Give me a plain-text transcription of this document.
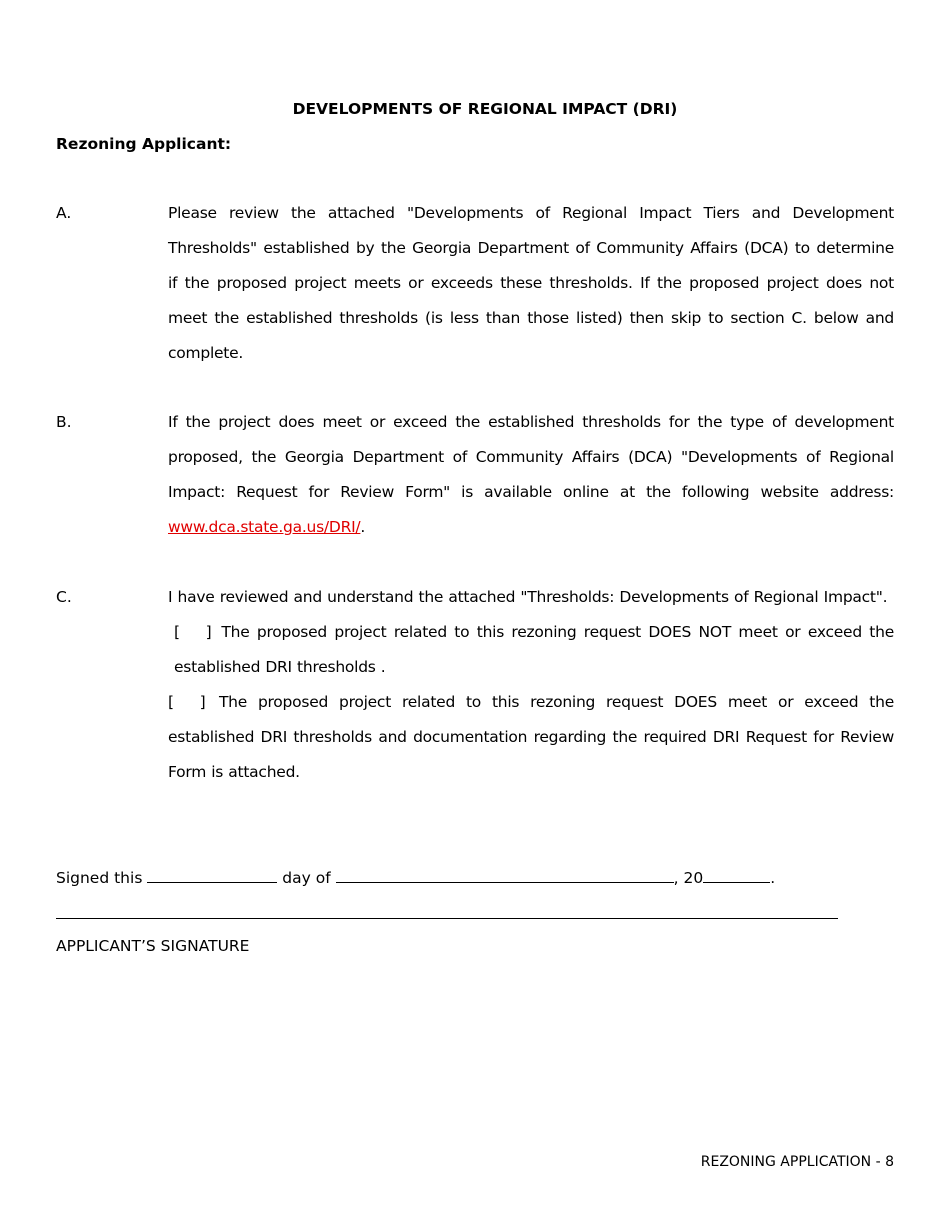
DEVELOPMENTS OF REGIONAL IMPACT (DRI)
Rezoning Applicant:
A.	Please review the attached "Developments of Regional Impact Tiers and Development Thresholds" established by the Georgia Department of Community Affairs (DCA) to determine if the proposed project meets or exceeds these thresholds. If the proposed project does not meet the established thresholds (is less than those listed) then skip to section C. below and complete.

B.	If the project does meet or exceed the established thresholds for the type of development proposed, the Georgia Department of Community Affairs (DCA) "Developments of Regional Impact: Request for Review Form" is available online at the following website address: www.dca.state.ga.us/DRI/.

C.	I have reviewed and understand the attached "Thresholds: Developments of Regional Impact".

[     ] The proposed project related to this rezoning request DOES NOT meet or exceed the established DRI thresholds .

[     ] The proposed project related to this rezoning request DOES meet or exceed the established DRI thresholds and documentation regarding the required DRI Request for Review Form is attached.

Signed this	day of	, 20	.
APPLICANT’S SIGNATURE
REZONING APPLICATION - 8
